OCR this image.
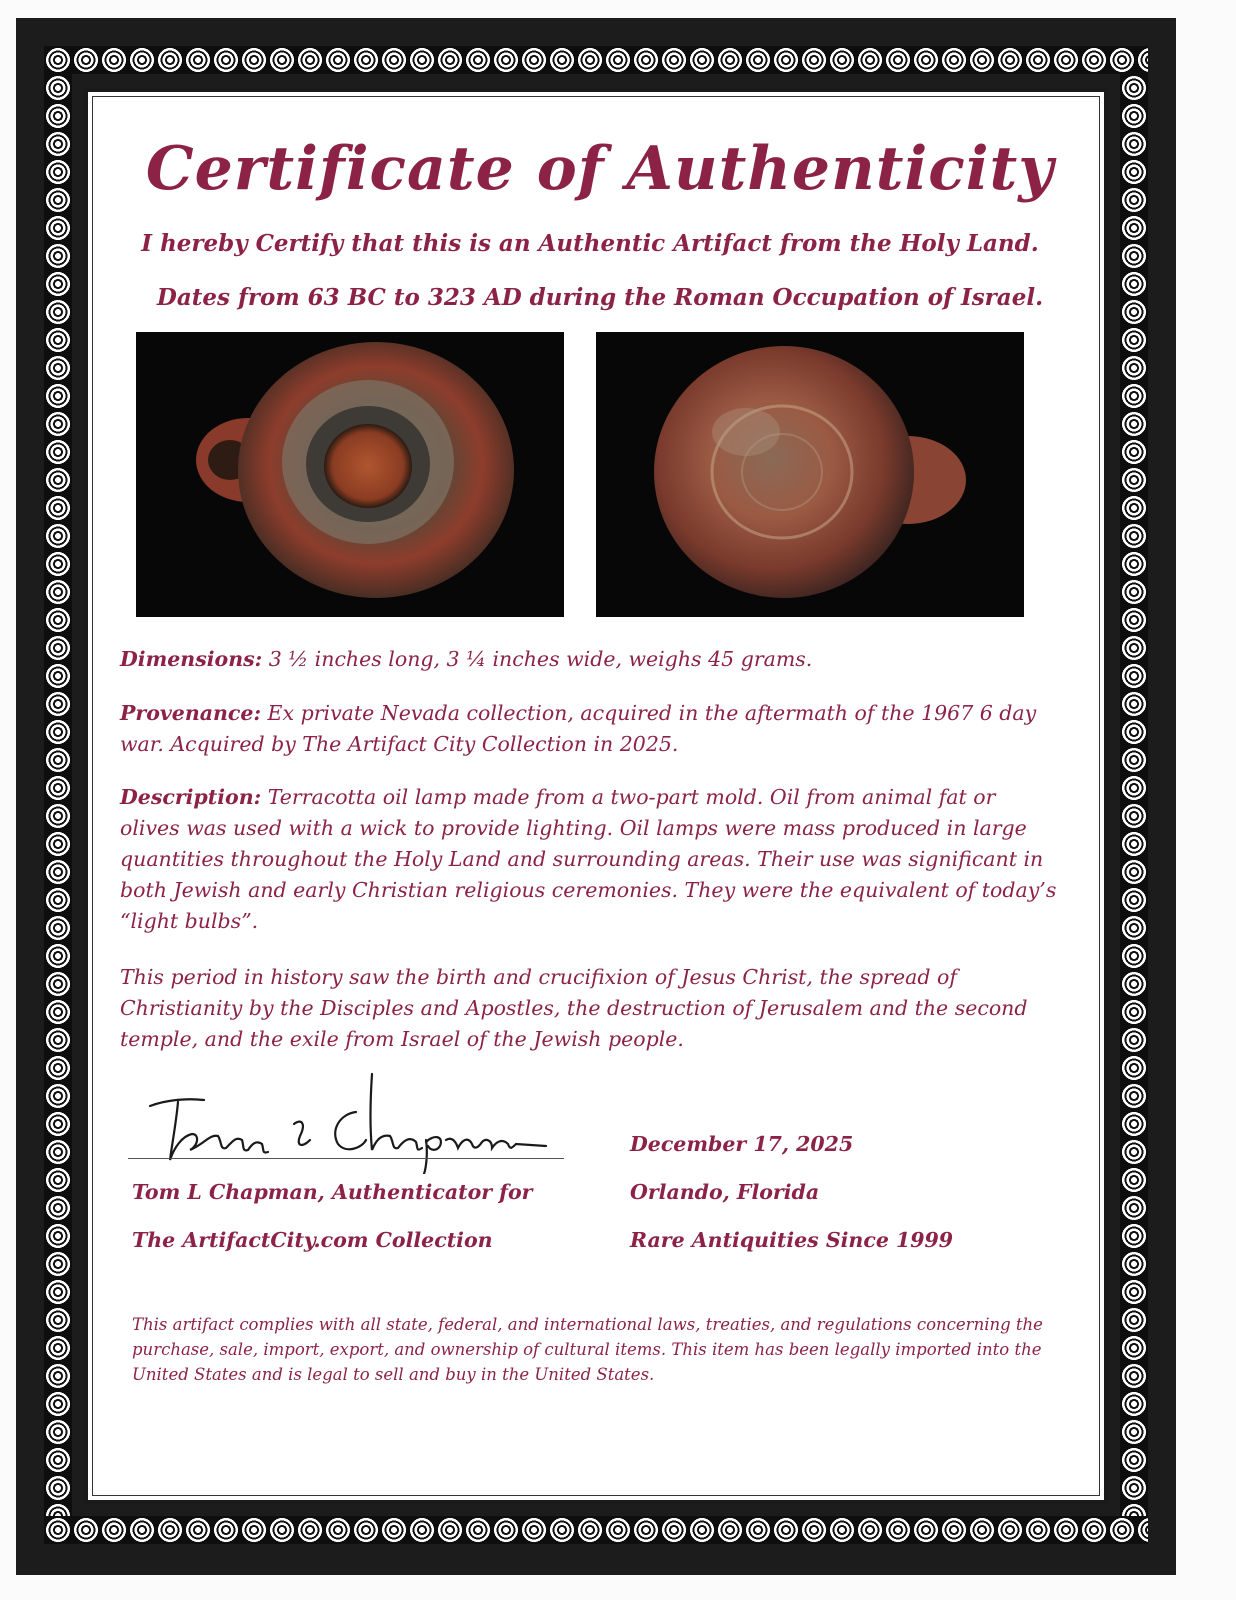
Certificate of Authenticity
I hereby Certify that this is an Authentic Artifact from the Holy Land.
Dates from 63 BC to 323 AD during the Roman Occupation of Israel.
Dimensions: 3 ½ inches long, 3 ¼ inches wide, weighs 45 grams.
Provenance: Ex private Nevada collection, acquired in the aftermath of the 1967 6 day war. Acquired by The Artifact City Collection in 2025.
Description: Terracotta oil lamp made from a two-part mold. Oil from animal fat or olives was used with a wick to provide lighting. Oil lamps were mass produced in large quantities throughout the Holy Land and surrounding areas. Their use was significant in both Jewish and early Christian religious ceremonies. They were the equivalent of today’s “light bulbs”.
This period in history saw the birth and crucifixion of Jesus Christ, the spread of Christianity by the Disciples and Apostles, the destruction of Jerusalem and the second temple, and the exile from Israel of the Jewish people.
Tom L Chapman, Authenticator for
The ArtifactCity.com Collection
December 17, 2025
Orlando, Florida
Rare Antiquities Since 1999
This artifact complies with all state, federal, and international laws, treaties, and regulations concerning the purchase, sale, import, export, and ownership of cultural items. This item has been legally imported into the United States and is legal to sell and buy in the United States.
